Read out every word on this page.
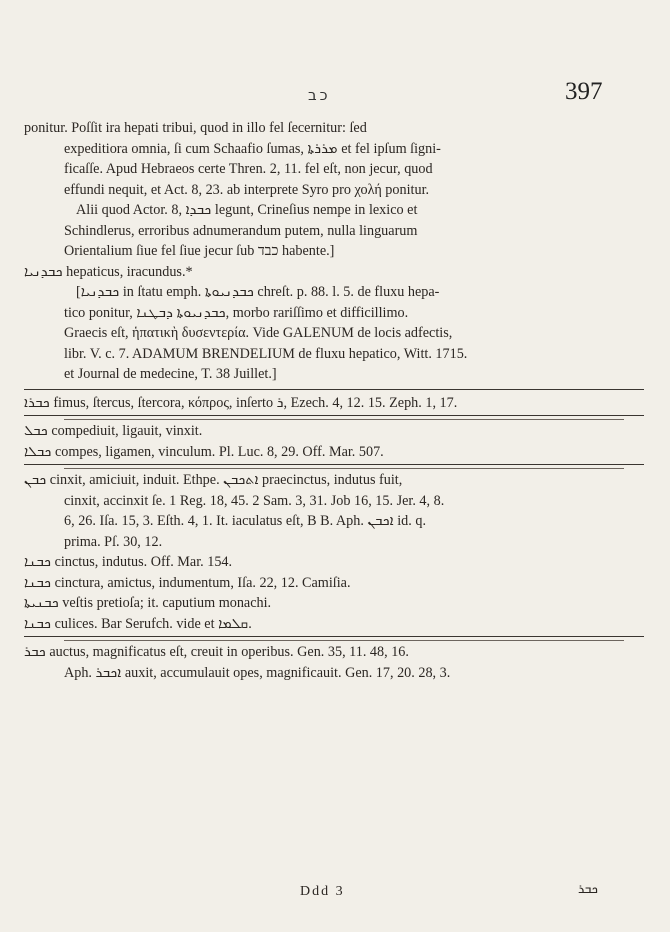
כב	397
ponitur. Poſſit ira hepati tribui, quod in illo fel ſecernitur: ſed
expeditiora omnia, ſi cum Schaafio ſumas, ܡܪܪܬܐ et fel ipſum ſigni-
ficaſſe. Apud Hebraeos certe Thren. 2, 11. fel eſt, non jecur, quod
effundi nequit, et Act. 8, 23. ab interprete Syro pro χολή ponitur.
Alii quod Actor. 8, ܟܒܕܐ legunt, Crineſius nempe in lexico et
Schindlerus, erroribus adnumerandum putem, nulla linguarum
Orientalium ſiue fel ſiue jecur ſub כבד habente.]
ܟܒܕܢܝܐ hepaticus, iracundus.*
[ܟܒܕܢܝܐ in ſtatu emph. ܟܒܕܢܝܘܬܐ chreſt. p. 88. l. 5. de fluxu hepa-
tico ponitur, ܟܒܕܢܝܘܬܐ ܕܒܛܢܐ, morbo rariſſimo et difficillimo.
Graecis eſt, ἡπατικὴ δυσεντερία. Vide GALENUM de locis adfectis,
libr. V. c. 7. ADAMUM BRENDELIUM de fluxu hepatico, Witt. 1715.
et Journal de medecine, T. 38 Juillet.]
ܟܒܪܐ fimus, ſtercus, ſtercora, κόπρος, inſerto ܪ, Ezech. 4, 12. 15. Zeph. 1, 17.
ܟܒܠ compediuit, ligauit, vinxit.
ܟܒܠܐ compes, ligamen, vinculum. Pl. Luc. 8, 29. Off. Mar. 507.
ܟܒܢ cinxit, amiciuit, induit. Ethpe. ܐܬܟܒܢ praecinctus, indutus fuit,
cinxit, accinxit ſe. 1 Reg. 18, 45. 2 Sam. 3, 31. Job 16, 15. Jer. 4, 8.
6, 26. Iſa. 15, 3. Eſth. 4, 1. It. iaculatus eſt, B B. Aph. ܐܟܒܢ id. q.
prima. Pſ. 30, 12.
ܟܒܢܐ cinctus, indutus. Off. Mar. 154.
ܟܒܢܐ cinctura, amictus, indumentum, Iſa. 22, 12. Camiſia.
ܟܒܢܝܬܐ veſtis pretioſa; it. caputium monachi.
ܟܒܢܐ culices. Bar Serufch. vide et ܩܠܡܐ.
ܟܒܪ auctus, magnificatus eſt, creuit in operibus. Gen. 35, 11. 48, 16.
Aph. ܐܟܒܪ auxit, accumulauit opes, magnificauit. Gen. 17, 20. 28, 3.
Ddd 3	ܟܒܪ
